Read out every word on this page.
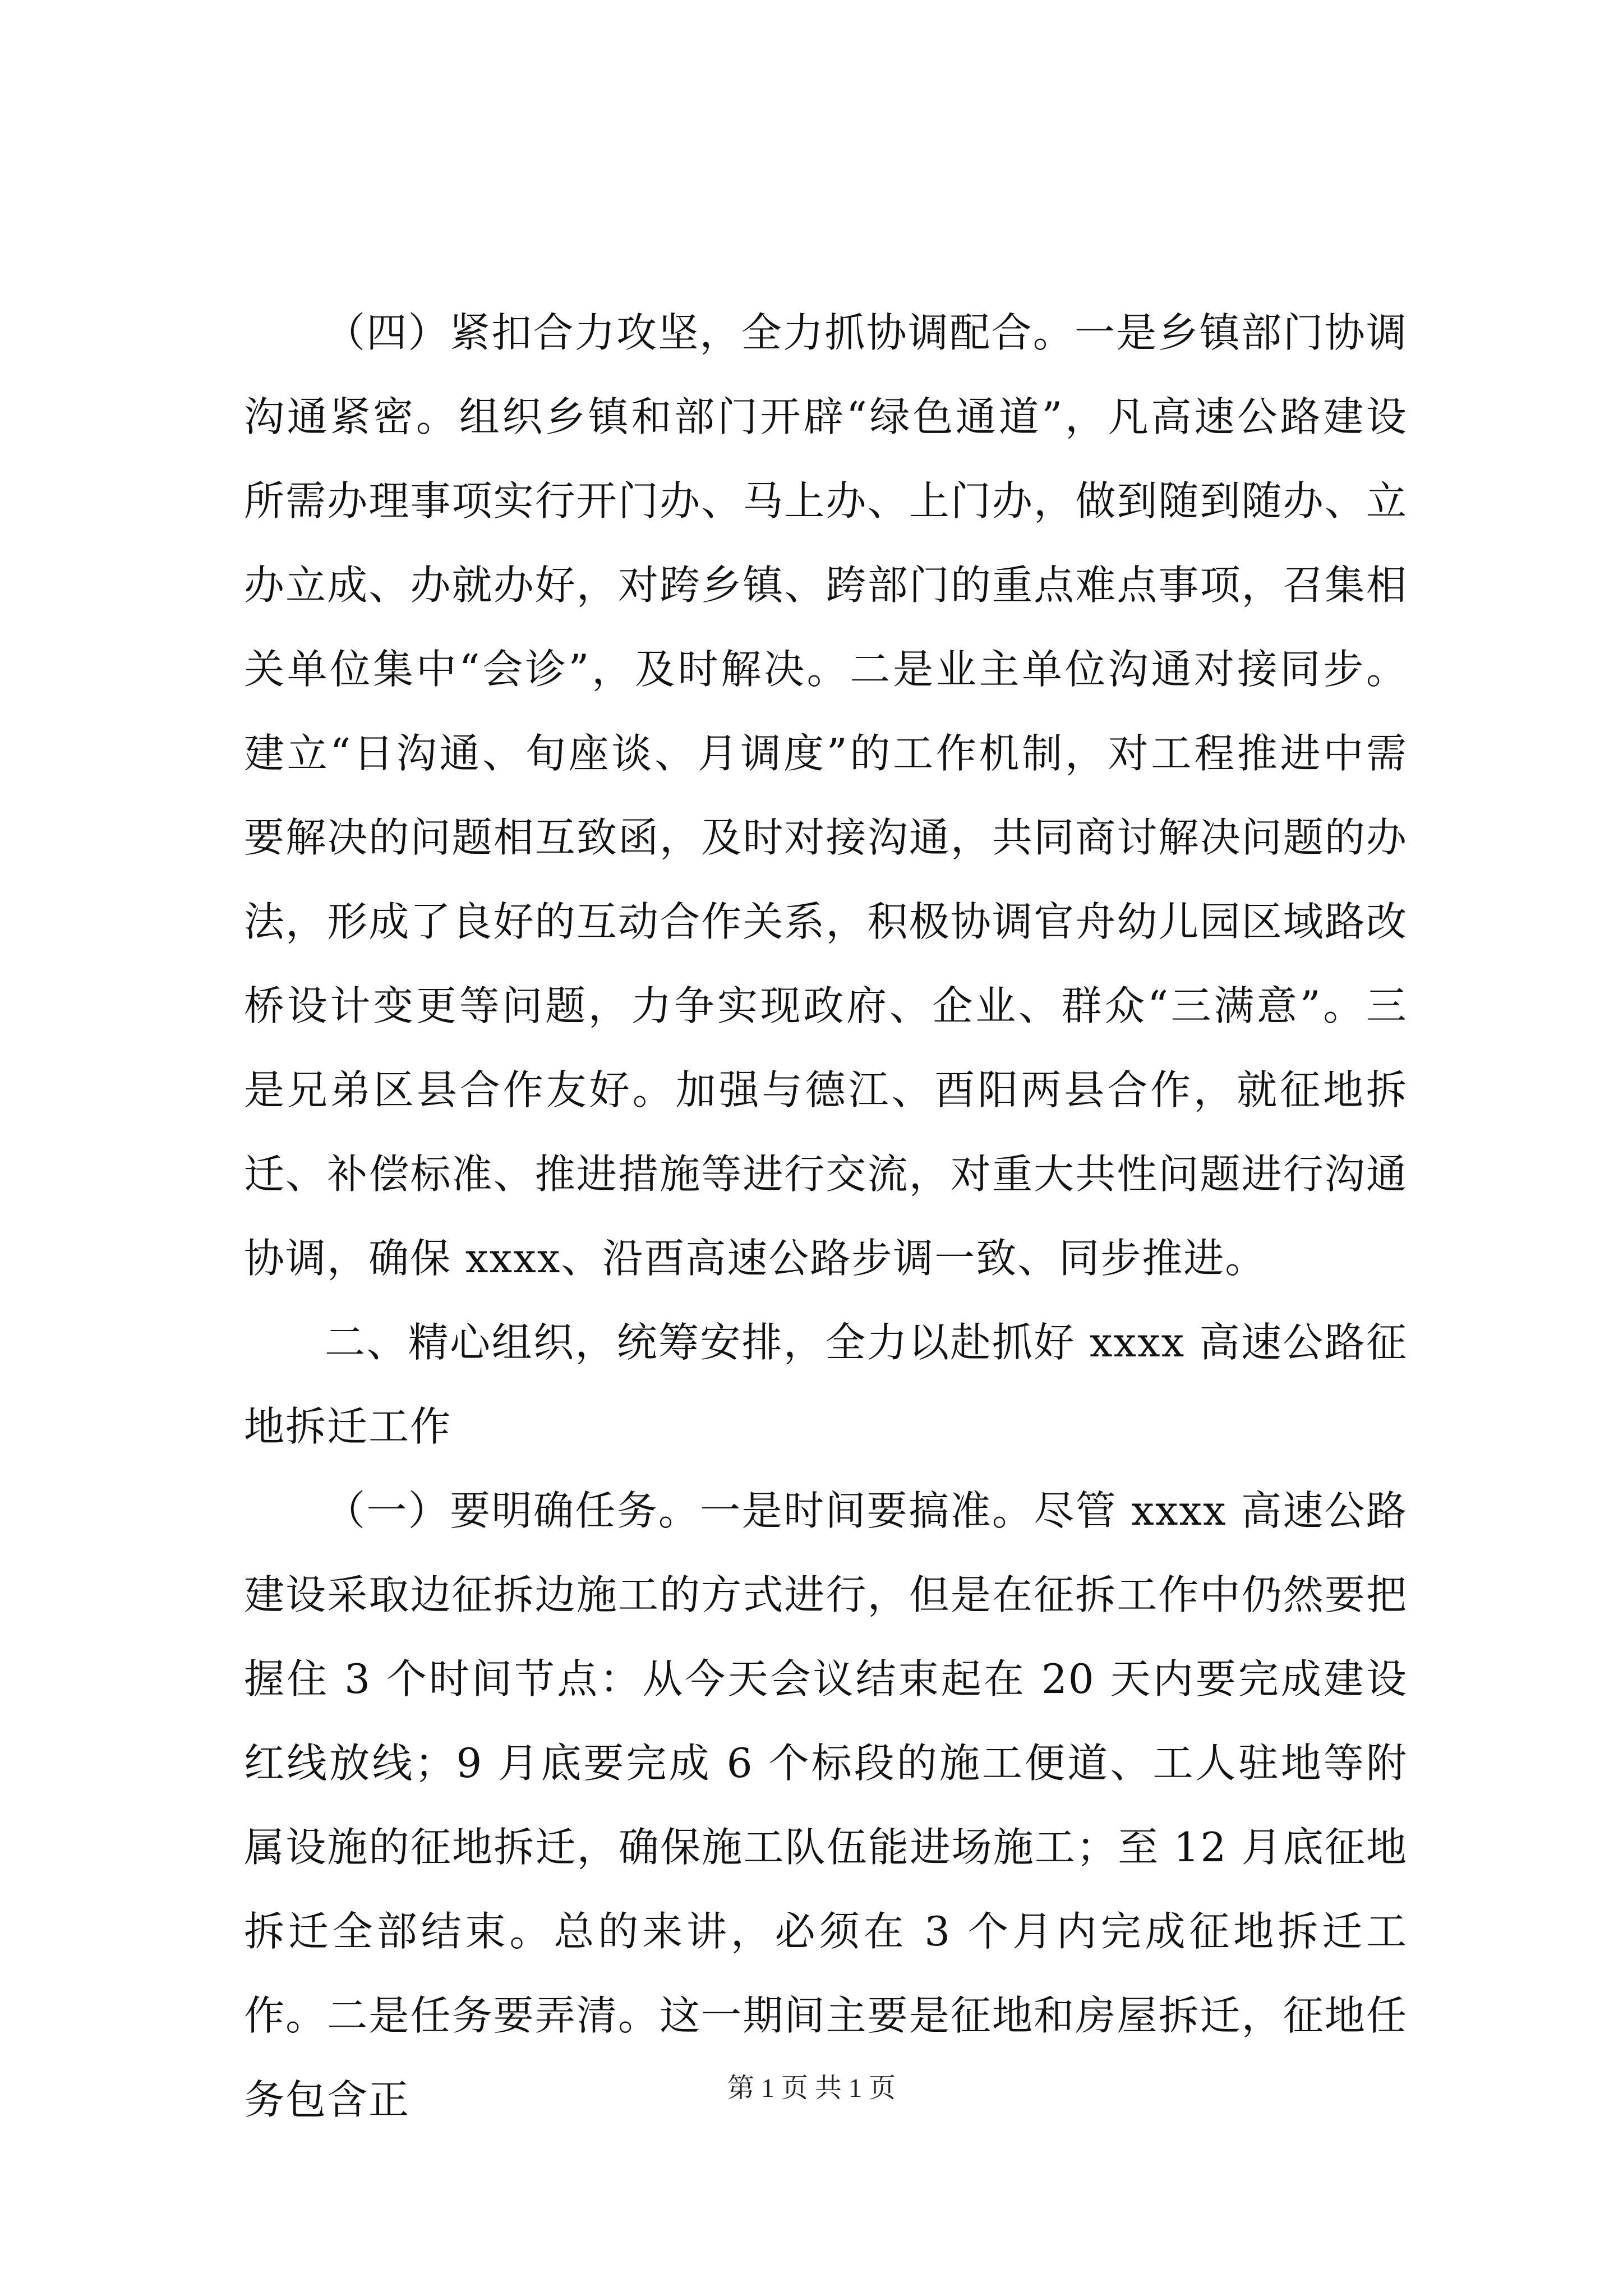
（四）紧扣合力攻坚，全力抓协调配合。一是乡镇部门协调沟通紧密。组织乡镇和部门开辟“绿色通道”，凡高速公路建设所需办理事项实行开门办、马上办、上门办，做到随到随办、立办立成、办就办好，对跨乡镇、跨部门的重点难点事项，召集相关单位集中“会诊”，及时解决。二是业主单位沟通对接同步。建立“日沟通、旬座谈、月调度”的工作机制，对工程推进中需要解决的问题相互致函，及时对接沟通，共同商讨解决问题的办法，形成了良好的互动合作关系，积极协调官舟幼儿园区域路改桥设计变更等问题，力争实现政府、企业、群众“三满意”。三是兄弟区县合作友好。加强与德江、酉阳两县合作，就征地拆迁、补偿标准、推进措施等进行交流，对重大共性问题进行沟通协调，确保 xxxx、沿酉高速公路步调一致、同步推进。

二、精心组织，统筹安排，全力以赴抓好 xxxx 高速公路征地拆迁工作

（一）要明确任务。一是时间要搞准。尽管 xxxx 高速公路建设采取边征拆边施工的方式进行，但是在征拆工作中仍然要把握住 3 个时间节点：从今天会议结束起在 20 天内要完成建设红线放线；9 月底要完成 6 个标段的施工便道、工人驻地等附属设施的征地拆迁，确保施工队伍能进场施工；至 12 月底征地拆迁全部结束。总的来讲，必须在 3 个月内完成征地拆迁工作。二是任务要弄清。这一期间主要是征地和房屋拆迁，征地任务包含正	第 1 页 共 1 页
